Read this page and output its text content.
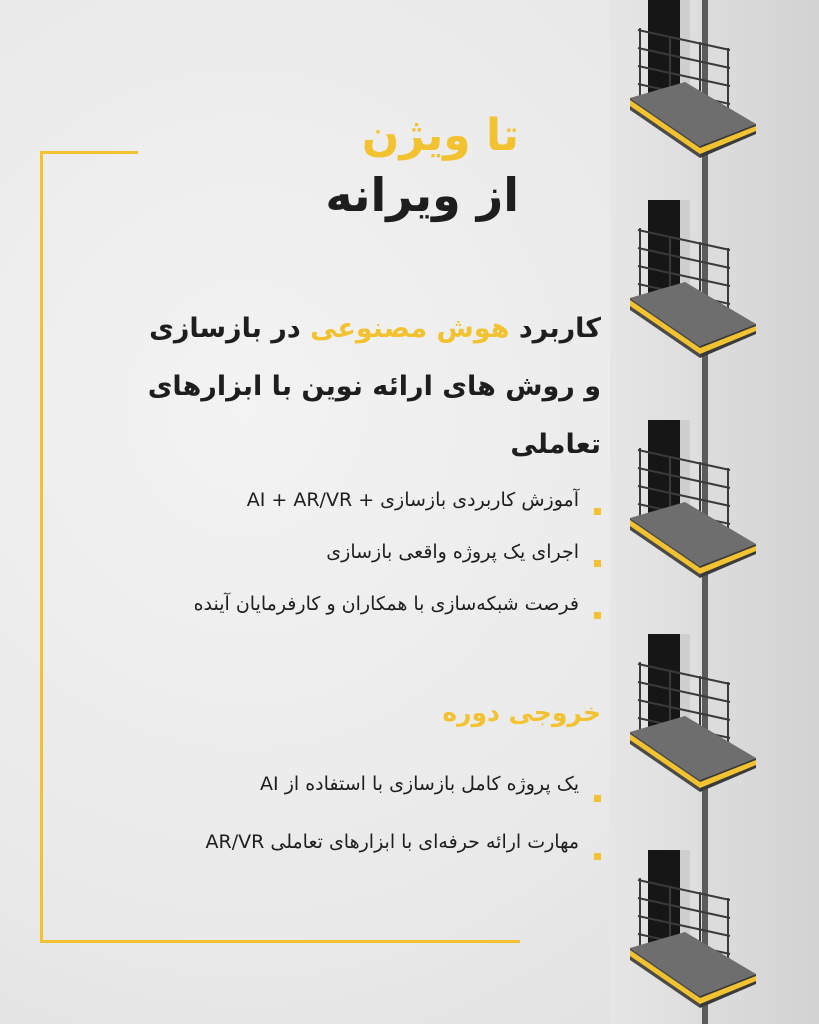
تا ویژن
از ویرانه
کاربرد هوش مصنوعی در بازسازی
و روش های ارائه نوین با ابزارهای تعاملی
آموزش کاربردی بازسازی + AI + AR/VR
اجرای یک پروژه واقعی بازسازی
فرصت شبکه‌سازی با همکاران و کارفرمایان آینده
خروجی دوره
یک پروژه کامل بازسازی با استفاده از AI
مهارت ارائه حرفه‌ای با ابزارهای تعاملی AR/VR
